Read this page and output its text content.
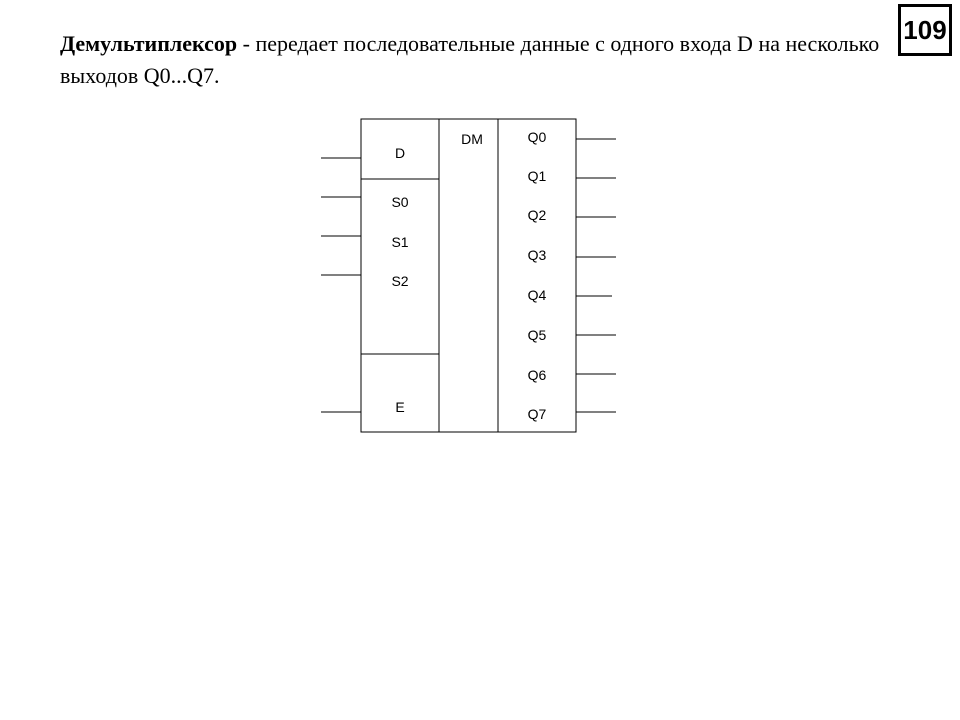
109

Демультиплексор - передает последовательные данные с одного входа D на несколько выходов Q0...Q7.

DM
D
S0
S1
S2
E
Q0
Q1
Q2
Q3
Q4
Q5
Q6
Q7
